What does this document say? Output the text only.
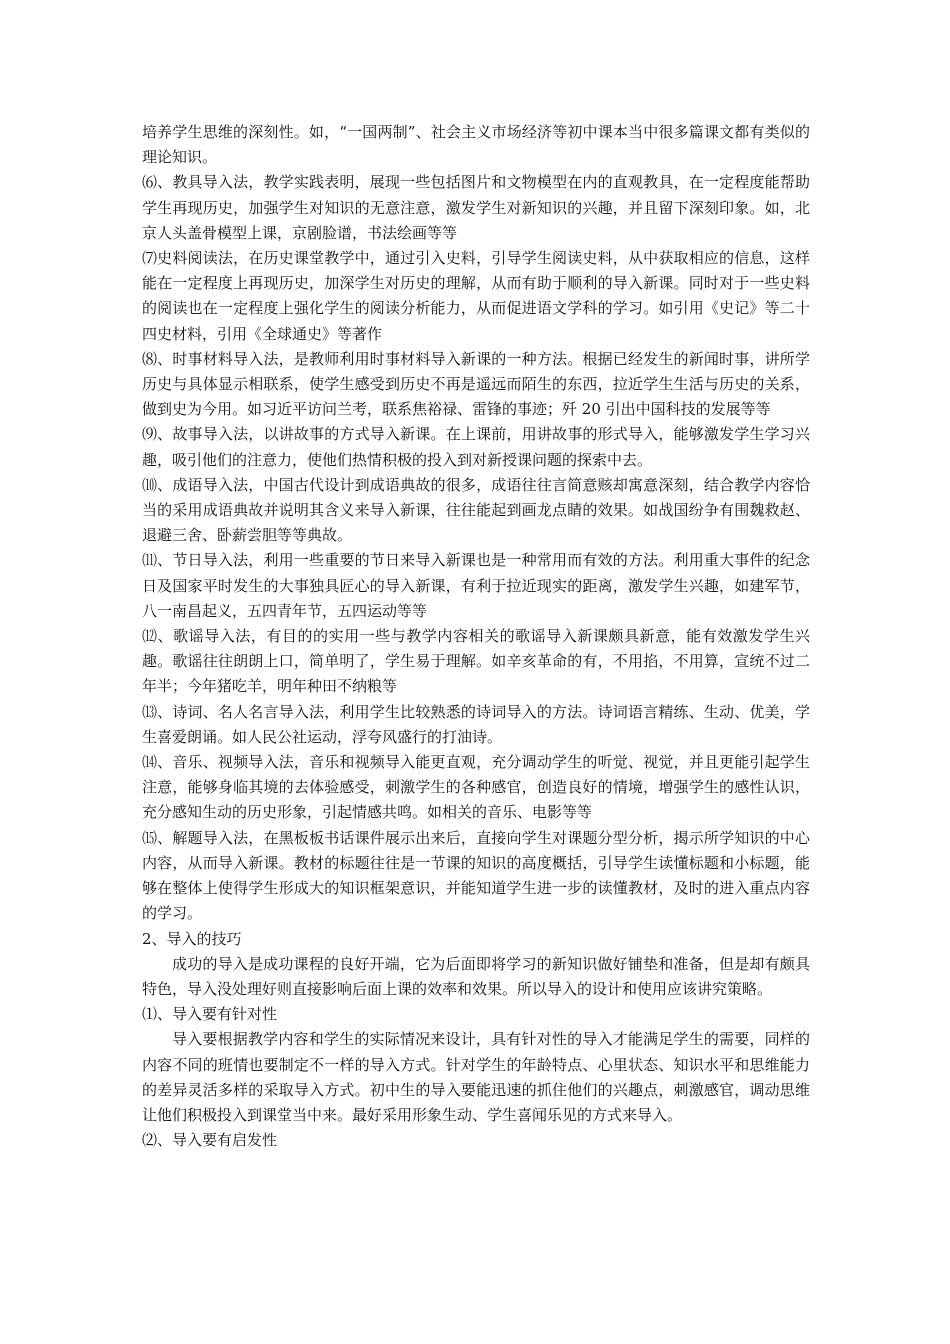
培养学生思维的深刻性。如，“一国两制”、社会主义市场经济等初中课本当中很多篇课文都有类似的理论知识。

⑹、教具导入法，教学实践表明，展现一些包括图片和文物模型在内的直观教具，在一定程度能帮助学生再现历史，加强学生对知识的无意注意，激发学生对新知识的兴趣，并且留下深刻印象。如，北京人头盖骨模型上课，京剧脸谱，书法绘画等等

⑺史料阅读法，在历史课堂教学中，通过引入史料，引导学生阅读史料，从中获取相应的信息，这样能在一定程度上再现历史，加深学生对历史的理解，从而有助于顺利的导入新课。同时对于一些史料的阅读也在一定程度上强化学生的阅读分析能力，从而促进语文学科的学习。如引用《史记》等二十四史材料，引用《全球通史》等著作

⑻、时事材料导入法，是教师利用时事材料导入新课的一种方法。根据已经发生的新闻时事，讲所学历史与具体显示相联系，使学生感受到历史不再是遥远而陌生的东西，拉近学生生活与历史的关系，做到史为今用。如习近平访问兰考，联系焦裕禄、雷锋的事迹；歼 20 引出中国科技的发展等等

⑼、故事导入法，以讲故事的方式导入新课。在上课前，用讲故事的形式导入，能够激发学生学习兴趣，吸引他们的注意力，使他们热情积极的投入到对新授课问题的探索中去。

⑽、成语导入法，中国古代设计到成语典故的很多，成语往往言简意赅却寓意深刻，结合教学内容恰当的采用成语典故并说明其含义来导入新课，往往能起到画龙点睛的效果。如战国纷争有围魏救赵、退避三舍、卧薪尝胆等等典故。

⑾、节日导入法，利用一些重要的节日来导入新课也是一种常用而有效的方法。利用重大事件的纪念日及国家平时发生的大事独具匠心的导入新课，有利于拉近现实的距离，激发学生兴趣，如建军节，八一南昌起义，五四青年节，五四运动等等

⑿、歌谣导入法，有目的的实用一些与教学内容相关的歌谣导入新课颇具新意，能有效激发学生兴趣。歌谣往往朗朗上口，简单明了，学生易于理解。如辛亥革命的有，不用掐，不用算，宣统不过二年半；今年猪吃羊，明年种田不纳粮等

⒀、诗词、名人名言导入法，利用学生比较熟悉的诗词导入的方法。诗词语言精练、生动、优美，学生喜爱朗诵。如人民公社运动，浮夸风盛行的打油诗。

⒁、音乐、视频导入法，音乐和视频导入能更直观，充分调动学生的听觉、视觉，并且更能引起学生注意，能够身临其境的去体验感受，刺激学生的各种感官，创造良好的情境，增强学生的感性认识，充分感知生动的历史形象，引起情感共鸣。如相关的音乐、电影等等

⒂、解题导入法，在黑板板书话课件展示出来后，直接向学生对课题分型分析，揭示所学知识的中心内容，从而导入新课。教材的标题往往是一节课的知识的高度概括，引导学生读懂标题和小标题，能够在整体上使得学生形成大的知识框架意识，并能知道学生进一步的读懂教材，及时的进入重点内容的学习。

2、导入的技巧

成功的导入是成功课程的良好开端，它为后面即将学习的新知识做好铺垫和准备，但是却有颇具特色，导入没处理好则直接影响后面上课的效率和效果。所以导入的设计和使用应该讲究策略。

⑴、导入要有针对性

导入要根据教学内容和学生的实际情况来设计，具有针对性的导入才能满足学生的需要，同样的内容不同的班情也要制定不一样的导入方式。针对学生的年龄特点、心里状态、知识水平和思维能力的差异灵活多样的采取导入方式。初中生的导入要能迅速的抓住他们的兴趣点，刺激感官，调动思维让他们积极投入到课堂当中来。最好采用形象生动、学生喜闻乐见的方式来导入。

⑵、导入要有启发性
